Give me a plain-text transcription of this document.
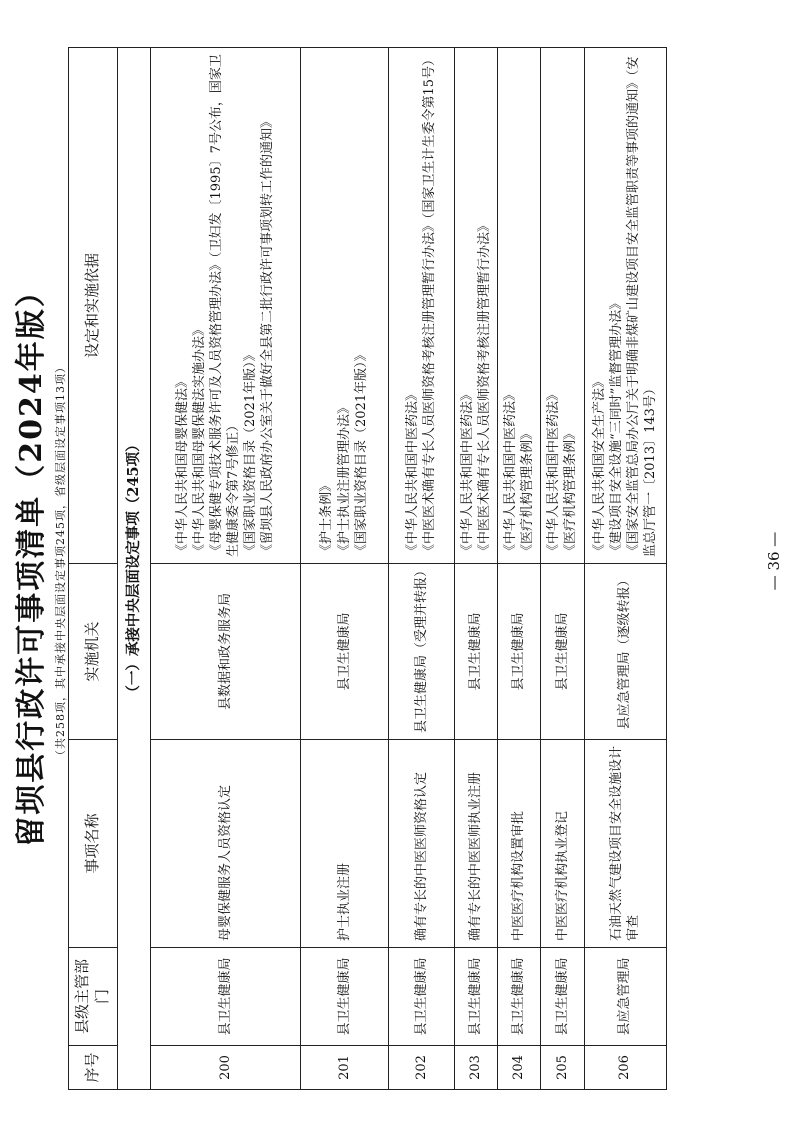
留坝县行政许可事项清单（2024年版） （共258项，其中承接中央层面设定事项245项，省级层面设定事项13项）
序号	县级主管部门	事项名称	实施机关	设定和实施依据
（一）承接中央层面设定事项（245项）				
200	县卫生健康局	母婴保健服务人员资格认定	县数据和政务服务局	《中华人民共和国母婴保健法》 《中华人民共和国母婴保健法实施办法》 《母婴保健专项技术服务许可及人员资格管理办法》（卫妇发〔1995〕7号公布，国家卫生健康委令第7号修正） 《国家职业资格目录（2021年版）》 《留坝县人民政府办公室关于做好全县第二批行政许可事项划转工作的通知》

201	县卫生健康局	护士执业注册	县卫生健康局	《护士条例》 《护士执业注册管理办法》 《国家职业资格目录（2021年版）》

202	县卫生健康局	确有专长的中医医师资格认定	县卫生健康局（受理并转报）	《中华人民共和国中医药法》 《中医医术确有专长人员医师资格考核注册管理暂行办法》（国家卫生计生委令第15号）

203	县卫生健康局	确有专长的中医医师执业注册	县卫生健康局	《中华人民共和国中医药法》 《中医医术确有专长人员医师资格考核注册管理暂行办法》

204	县卫生健康局	中医医疗机构设置审批	县卫生健康局	《中华人民共和国中医药法》 《医疗机构管理条例》

205	县卫生健康局	中医医疗机构执业登记	县卫生健康局	《中华人民共和国中医药法》 《医疗机构管理条例》

206	县应急管理局	石油天然气建设项目安全设施设计审查	县应急管理局（逐级转报）	《中华人民共和国安全生产法》 《建设项目安全设施“三同时”监督管理办法》 《国家安全监管总局办公厅关于明确非煤矿山建设项目安全监管职责等事项的通知》（安监总厅管一〔2013〕143号）
— 36 —
